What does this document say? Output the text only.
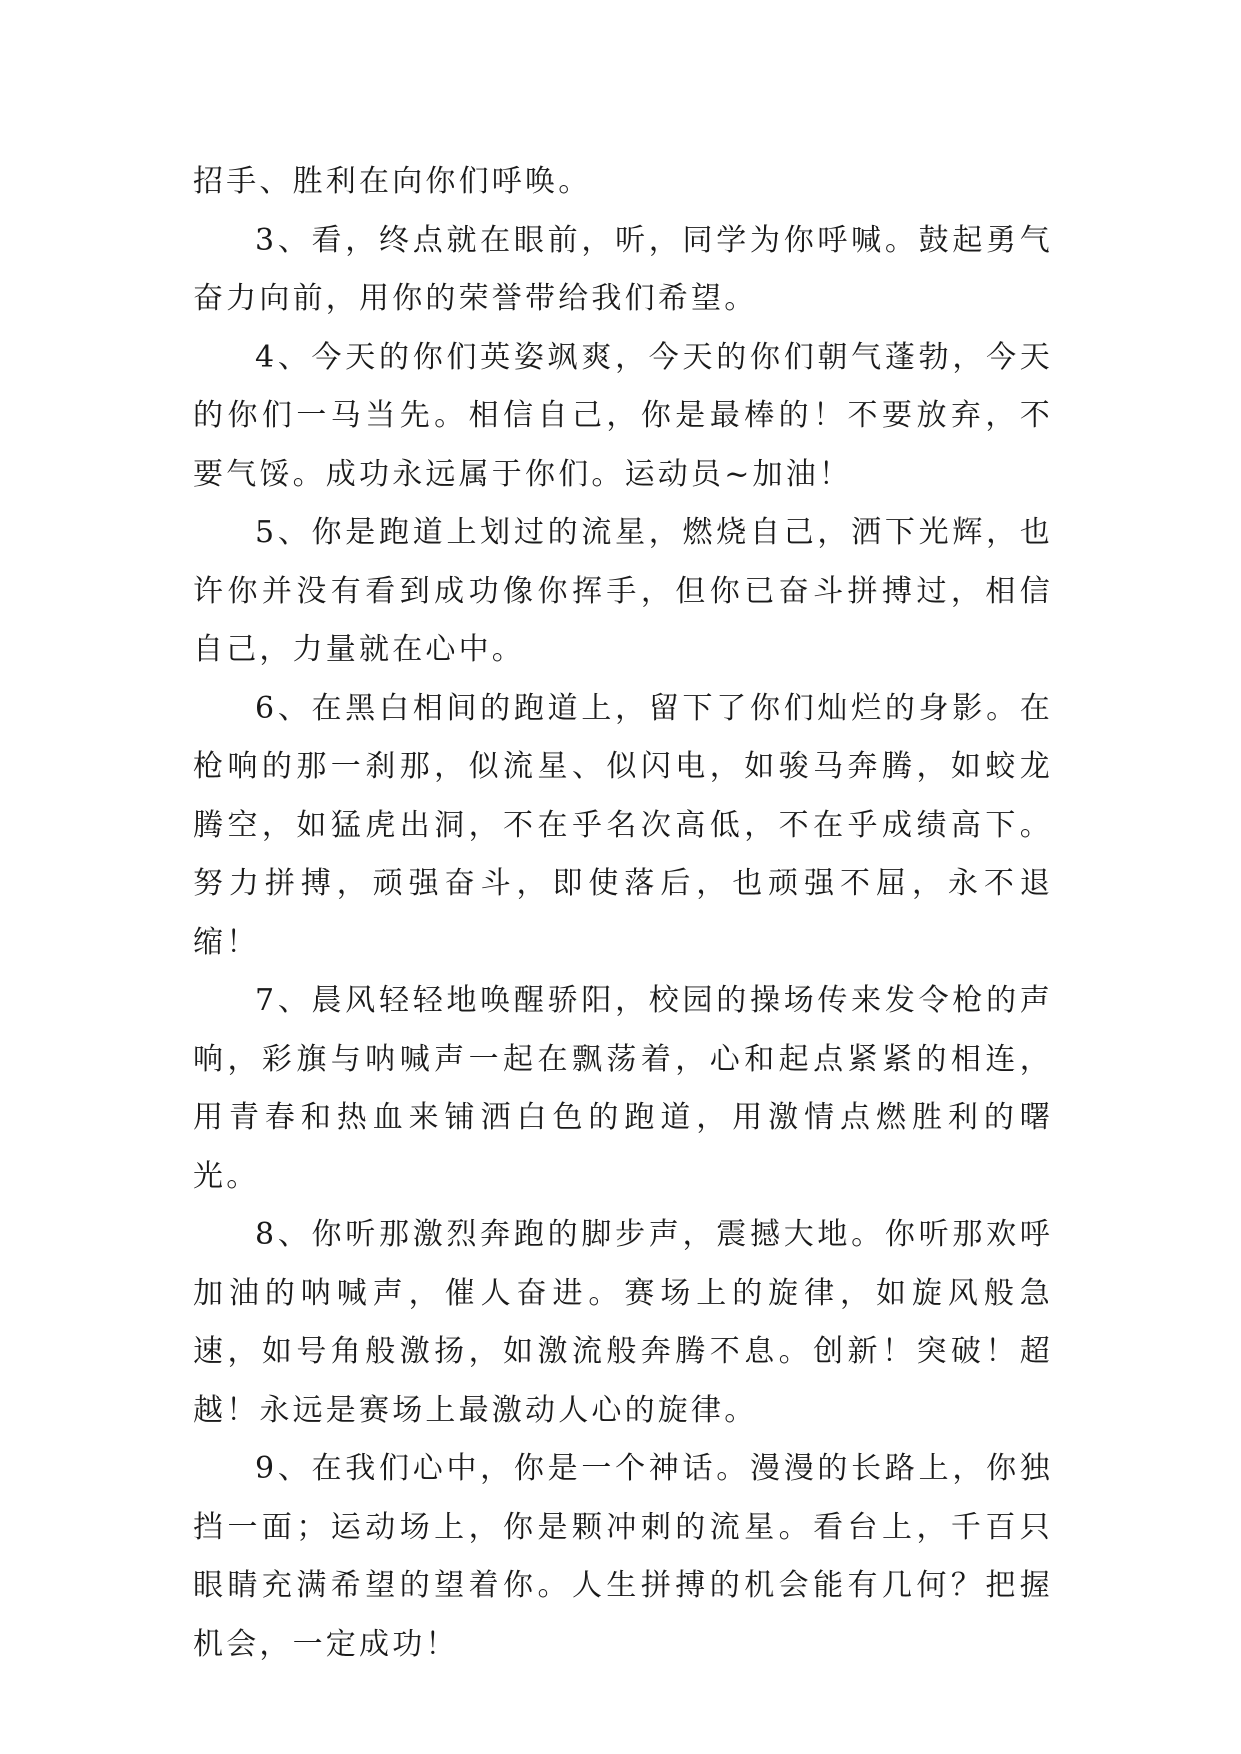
招手、胜利在向你们呼唤。

3、看，终点就在眼前，听，同学为你呼喊。鼓起勇气奋力向前，用你的荣誉带给我们希望。

4、今天的你们英姿飒爽，今天的你们朝气蓬勃，今天的你们一马当先。相信自己，你是最棒的！不要放弃，不要气馁。成功永远属于你们。运动员~加油！

5、你是跑道上划过的流星，燃烧自己，洒下光辉，也许你并没有看到成功像你挥手，但你已奋斗拼搏过，相信自己，力量就在心中。

6、在黑白相间的跑道上，留下了你们灿烂的身影。在枪响的那一刹那，似流星、似闪电，如骏马奔腾，如蛟龙腾空，如猛虎出洞，不在乎名次高低，不在乎成绩高下。努力拼搏，顽强奋斗，即使落后，也顽强不屈，永不退缩！

7、晨风轻轻地唤醒骄阳，校园的操场传来发令枪的声响，彩旗与呐喊声一起在飘荡着，心和起点紧紧的相连，用青春和热血来铺洒白色的跑道，用激情点燃胜利的曙光。

8、你听那激烈奔跑的脚步声，震撼大地。你听那欢呼加油的呐喊声，催人奋进。赛场上的旋律，如旋风般急速，如号角般激扬，如激流般奔腾不息。创新！突破！超越！永远是赛场上最激动人心的旋律。

9、在我们心中，你是一个神话。漫漫的长路上，你独挡一面；运动场上，你是颗冲刺的流星。看台上，千百只眼睛充满希望的望着你。人生拼搏的机会能有几何？把握机会，一定成功！
